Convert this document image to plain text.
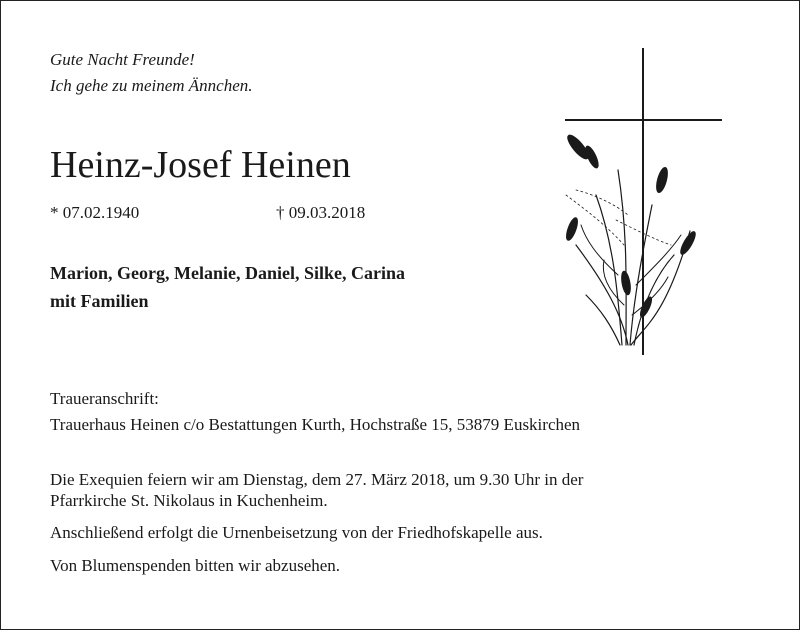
Gute Nacht Freunde!
Ich gehe zu meinem Ännchen.
Heinz-Josef Heinen
* 07.02.1940	† 09.03.2018
Marion, Georg, Melanie, Daniel, Silke, Carina
mit Familien
Traueranschrift:
Trauerhaus Heinen c/o Bestattungen Kurth, Hochstraße 15, 53879 Euskirchen

Die Exequien feiern wir am Dienstag, dem 27. März 2018, um 9.30 Uhr in der
Pfarrkirche St. Nikolaus in Kuchenheim.

Anschließend erfolgt die Urnenbeisetzung von der Friedhofskapelle aus.

Von Blumenspenden bitten wir abzusehen.
